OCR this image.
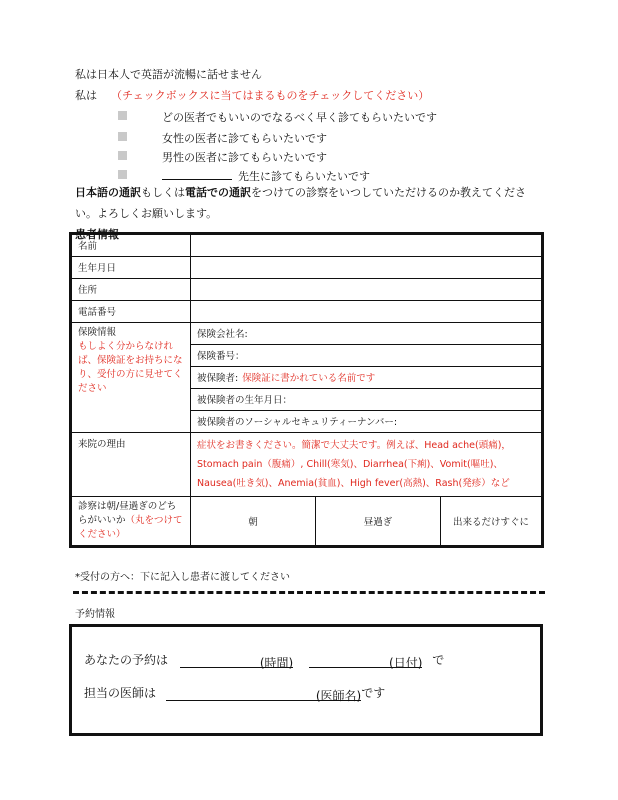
私は日本人で英語が流暢に話せません
私は （チェックボックスに当てはまるものをチェックしてください）
どの医者でもいいのでなるべく早く診てもらいたいです
女性の医者に診てもらいたいです
男性の医者に診てもらいたいです
先生に診てもらいたいです
日本語の通訳もしくは電話での通訳をつけての診察をいつしていただけるのか教えてください。よろしくお願いします。
患者情報
名前			
生年月日			
住所			
電話番号			

保険情報
もしよく分からなければ、保険証をお持ちになり、受付の方に見せてください	保険会社名:		
	保険番号：		
	被保険者: 保険証に書かれている名前です		
	被保険者の生年月日：		
	被保険者のソーシャルセキュリティーナンバー:		
来院の理由	症状をお書きください。簡潔で大丈夫です。例えば、Head ache(頭痛)，Stomach pain（腹痛）, Chill(寒気)、Diarrhea(下痢)、Vomit(嘔吐)、Nausea(吐き気)、Anemia(貧血)、High fever(高熱)、Rash(発疹）など		
診察は朝/昼過ぎのどちらがいいか（丸をつけてください）	朝	昼過ぎ	出来るだけすぐに
*受付の方へ：下に記入し患者に渡してください
予約情報
あなたの予約は	(時間)	(日付) で
担当の医師は	(医師名)です
